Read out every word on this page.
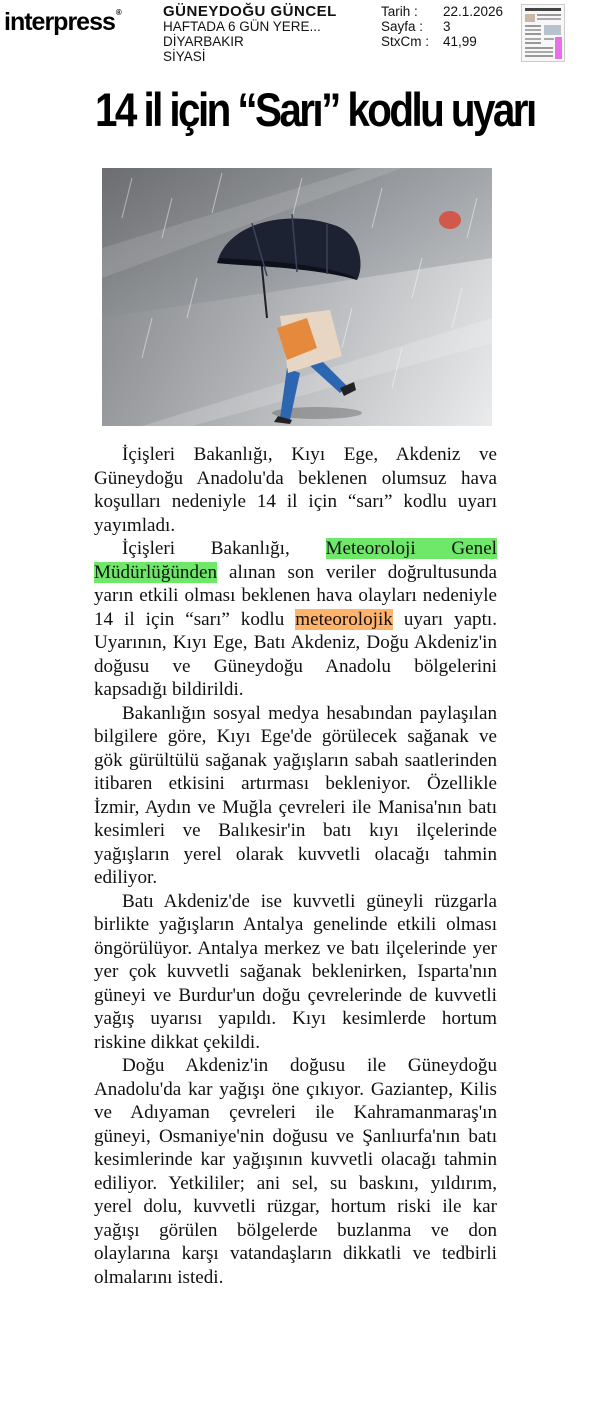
interpress®	GÜNEYDOĞU GÜNCEL
HAFTADA 6 GÜN YERE...
DİYARBAKIR
SİYASİ
Tarih :	22.1.2026
Sayfa :	3
StxCm :	41,99
14 il için “Sarı” kodlu uyarı

İçişleri Bakanlığı, Kıyı Ege, Akdeniz ve Güneydoğu Anadolu'da beklenen olumsuz hava koşulları nedeniyle 14 il için “sarı” kodlu uyarı yayımladı.

İçişleri Bakanlığı, Meteoroloji Genel Müdürlüğünden alınan son veriler doğrultusunda yarın etkili olması beklenen hava olayları nedeniyle 14 il için “sarı” kodlu meteorolojik uyarı yaptı. Uyarının, Kıyı Ege, Batı Akdeniz, Doğu Akdeniz'in doğusu ve Güneydoğu Anadolu bölgelerini kapsadığı bildirildi.

Bakanlığın sosyal medya hesabından paylaşılan bilgilere göre, Kıyı Ege'de görülecek sağanak ve gök gürültülü sağanak yağışların sabah saatlerinden itibaren etkisini artırması bekleniyor. Özellikle İzmir, Aydın ve Muğla çevreleri ile Manisa'nın batı kesimleri ve Balıkesir'in batı kıyı ilçelerinde yağışların yerel olarak kuvvetli olacağı tahmin ediliyor.

Batı Akdeniz'de ise kuvvetli güneyli rüzgarla birlikte yağışların Antalya genelinde etkili olması öngörülüyor. Antalya merkez ve batı ilçelerinde yer yer çok kuvvetli sağanak beklenirken, Isparta'nın güneyi ve Burdur'un doğu çevrelerinde de kuvvetli yağış uyarısı yapıldı. Kıyı kesimlerde hortum riskine dikkat çekildi.

Doğu Akdeniz'in doğusu ile Güneydoğu Anadolu'da kar yağışı öne çıkıyor. Gaziantep, Kilis ve Adıyaman çevreleri ile Kahramanmaraş'ın güneyi, Osmaniye'nin doğusu ve Şanlıurfa'nın batı kesimlerinde kar yağışının kuvvetli olacağı tahmin ediliyor. Yetkililer; ani sel, su baskını, yıldırım, yerel dolu, kuvvetli rüzgar, hortum riski ile kar yağışı görülen bölgelerde buzlanma ve don olaylarına karşı vatandaşların dikkatli ve tedbirli olmalarını istedi.
